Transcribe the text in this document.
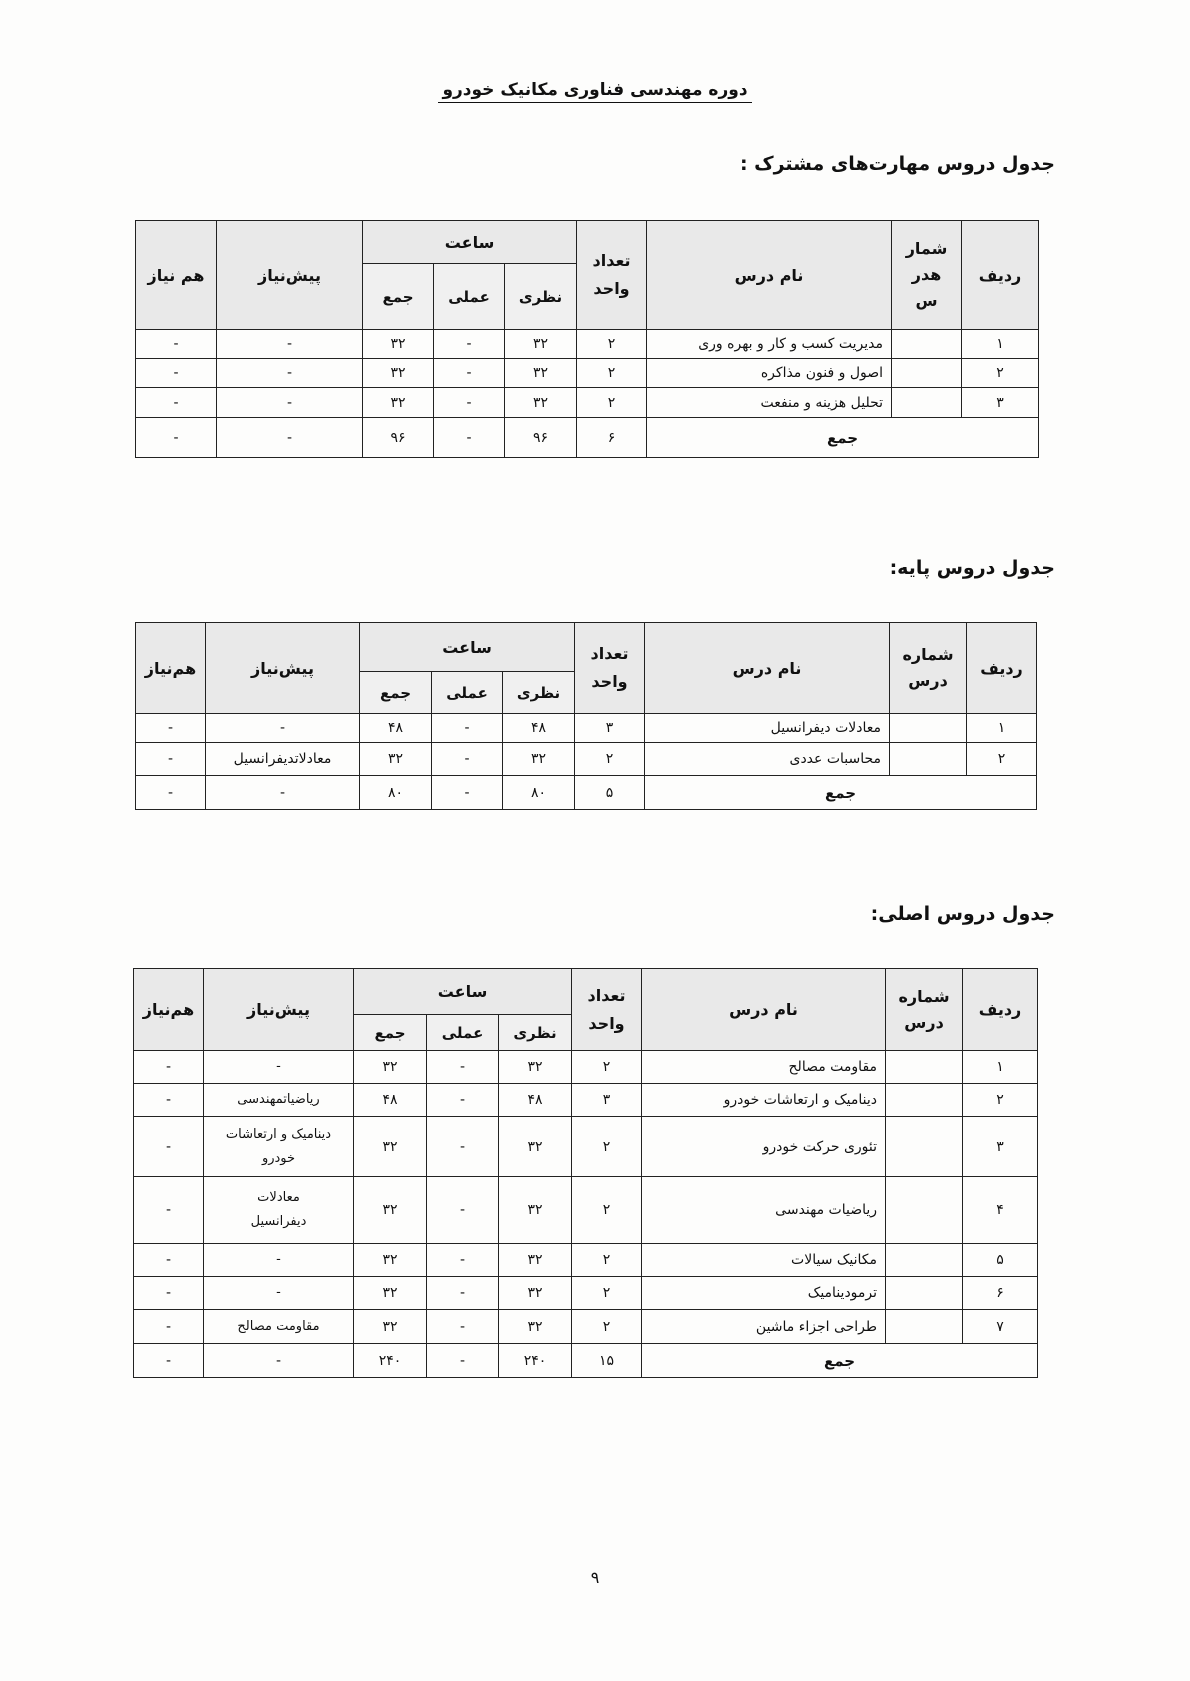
دوره مهندسی فناوری مکانیک خودرو
جدول دروس مهارت‌های مشترک :
ردیف	شمار هدر س	نام درس	تعداد واحد	ساعت			پیش‌نیاز	هم نیاز
				نظری	عملی	جمع		
۱		مدیریت کسب و کار و بهره وری	۲	۳۲	-	۳۲	-	-
۲		اصول و فنون مذاکره	۲	۳۲	-	۳۲	-	-
۳		تحلیل هزینه و منفعت	۲	۳۲	-	۳۲	-	-
جمع			۶	۹۶	-	۹۶	-	-
جدول دروس پایه:
ردیف	شماره درس	نام درس	تعداد واحد	ساعت			پیش‌نیاز	هم‌نیاز
				نظری	عملی	جمع		
۱		معادلات دیفرانسیل	۳	۴۸	-	۴۸	-	-
۲		محاسبات عددی	۲	۳۲	-	۳۲	معادلاتدیفرانسیل	-
جمع			۵	۸۰	-	۸۰	-	-
جدول دروس اصلی:
ردیف	شماره درس	نام درس	تعداد واحد	ساعت			پیش‌نیاز	هم‌نیاز
				نظری	عملی	جمع		
۱		مقاومت مصالح	۲	۳۲	-	۳۲	-	-
۲		دینامیک و ارتعاشات خودرو	۳	۴۸	-	۴۸	ریاضیاتمهندسی	-
۳		تئوری حرکت خودرو	۲	۳۲	-	۳۲	دینامیک و ارتعاشات خودرو	-
۴		ریاضیات مهندسی	۲	۳۲	-	۳۲	معادلات دیفرانسیل	-
۵		مکانیک سیالات	۲	۳۲	-	۳۲	-	-
۶		ترمودینامیک	۲	۳۲	-	۳۲	-	-
۷		طراحی اجزاء ماشین	۲	۳۲	-	۳۲	مقاومت مصالح	-
جمع			۱۵	۲۴۰	-	۲۴۰	-	-
۹
